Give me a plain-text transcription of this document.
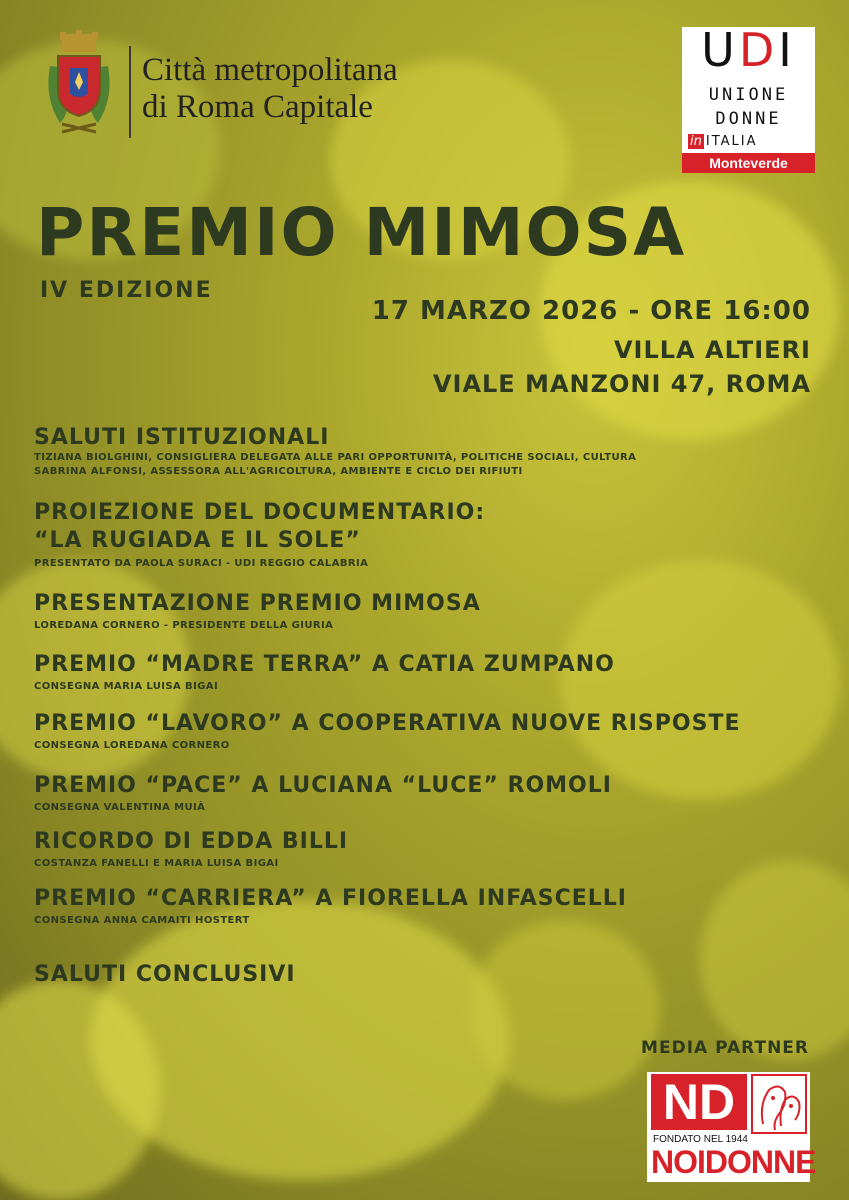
Città metropolitana
di Roma Capitale
UDI
UNIONE
DONNE
in ITALIA
Monteverde
PREMIO MIMOSA
IV EDIZIONE
17 MARZO 2026 - ORE 16:00
VILLA ALTIERI
VIALE MANZONI 47, ROMA
SALUTI ISTITUZIONALI
TIZIANA BIOLGHINI, CONSIGLIERA DELEGATA ALLE PARI OPPORTUNITÀ, POLITICHE SOCIALI, CULTURA
SABRINA ALFONSI, ASSESSORA ALL'AGRICOLTURA, AMBIENTE E CICLO DEI RIFIUTI
PROIEZIONE DEL DOCUMENTARIO:
“LA RUGIADA E IL SOLE”
PRESENTATO DA PAOLA SURACI - UDI REGGIO CALABRIA
PRESENTAZIONE PREMIO MIMOSA
LOREDANA CORNERO - PRESIDENTE DELLA GIURIA
PREMIO “MADRE TERRA” A CATIA ZUMPANO
CONSEGNA MARIA LUISA BIGAI
PREMIO “LAVORO” A COOPERATIVA NUOVE RISPOSTE
CONSEGNA LOREDANA CORNERO
PREMIO “PACE” A LUCIANA “LUCE” ROMOLI
CONSEGNA VALENTINA MUIÀ
RICORDO DI EDDA BILLI
COSTANZA FANELLI E MARIA LUISA BIGAI
PREMIO “CARRIERA” A FIORELLA INFASCELLI
CONSEGNA ANNA CAMAITI HOSTERT
SALUTI CONCLUSIVI
MEDIA PARTNER
ND
FONDATO NEL 1944
NOIDONNE
